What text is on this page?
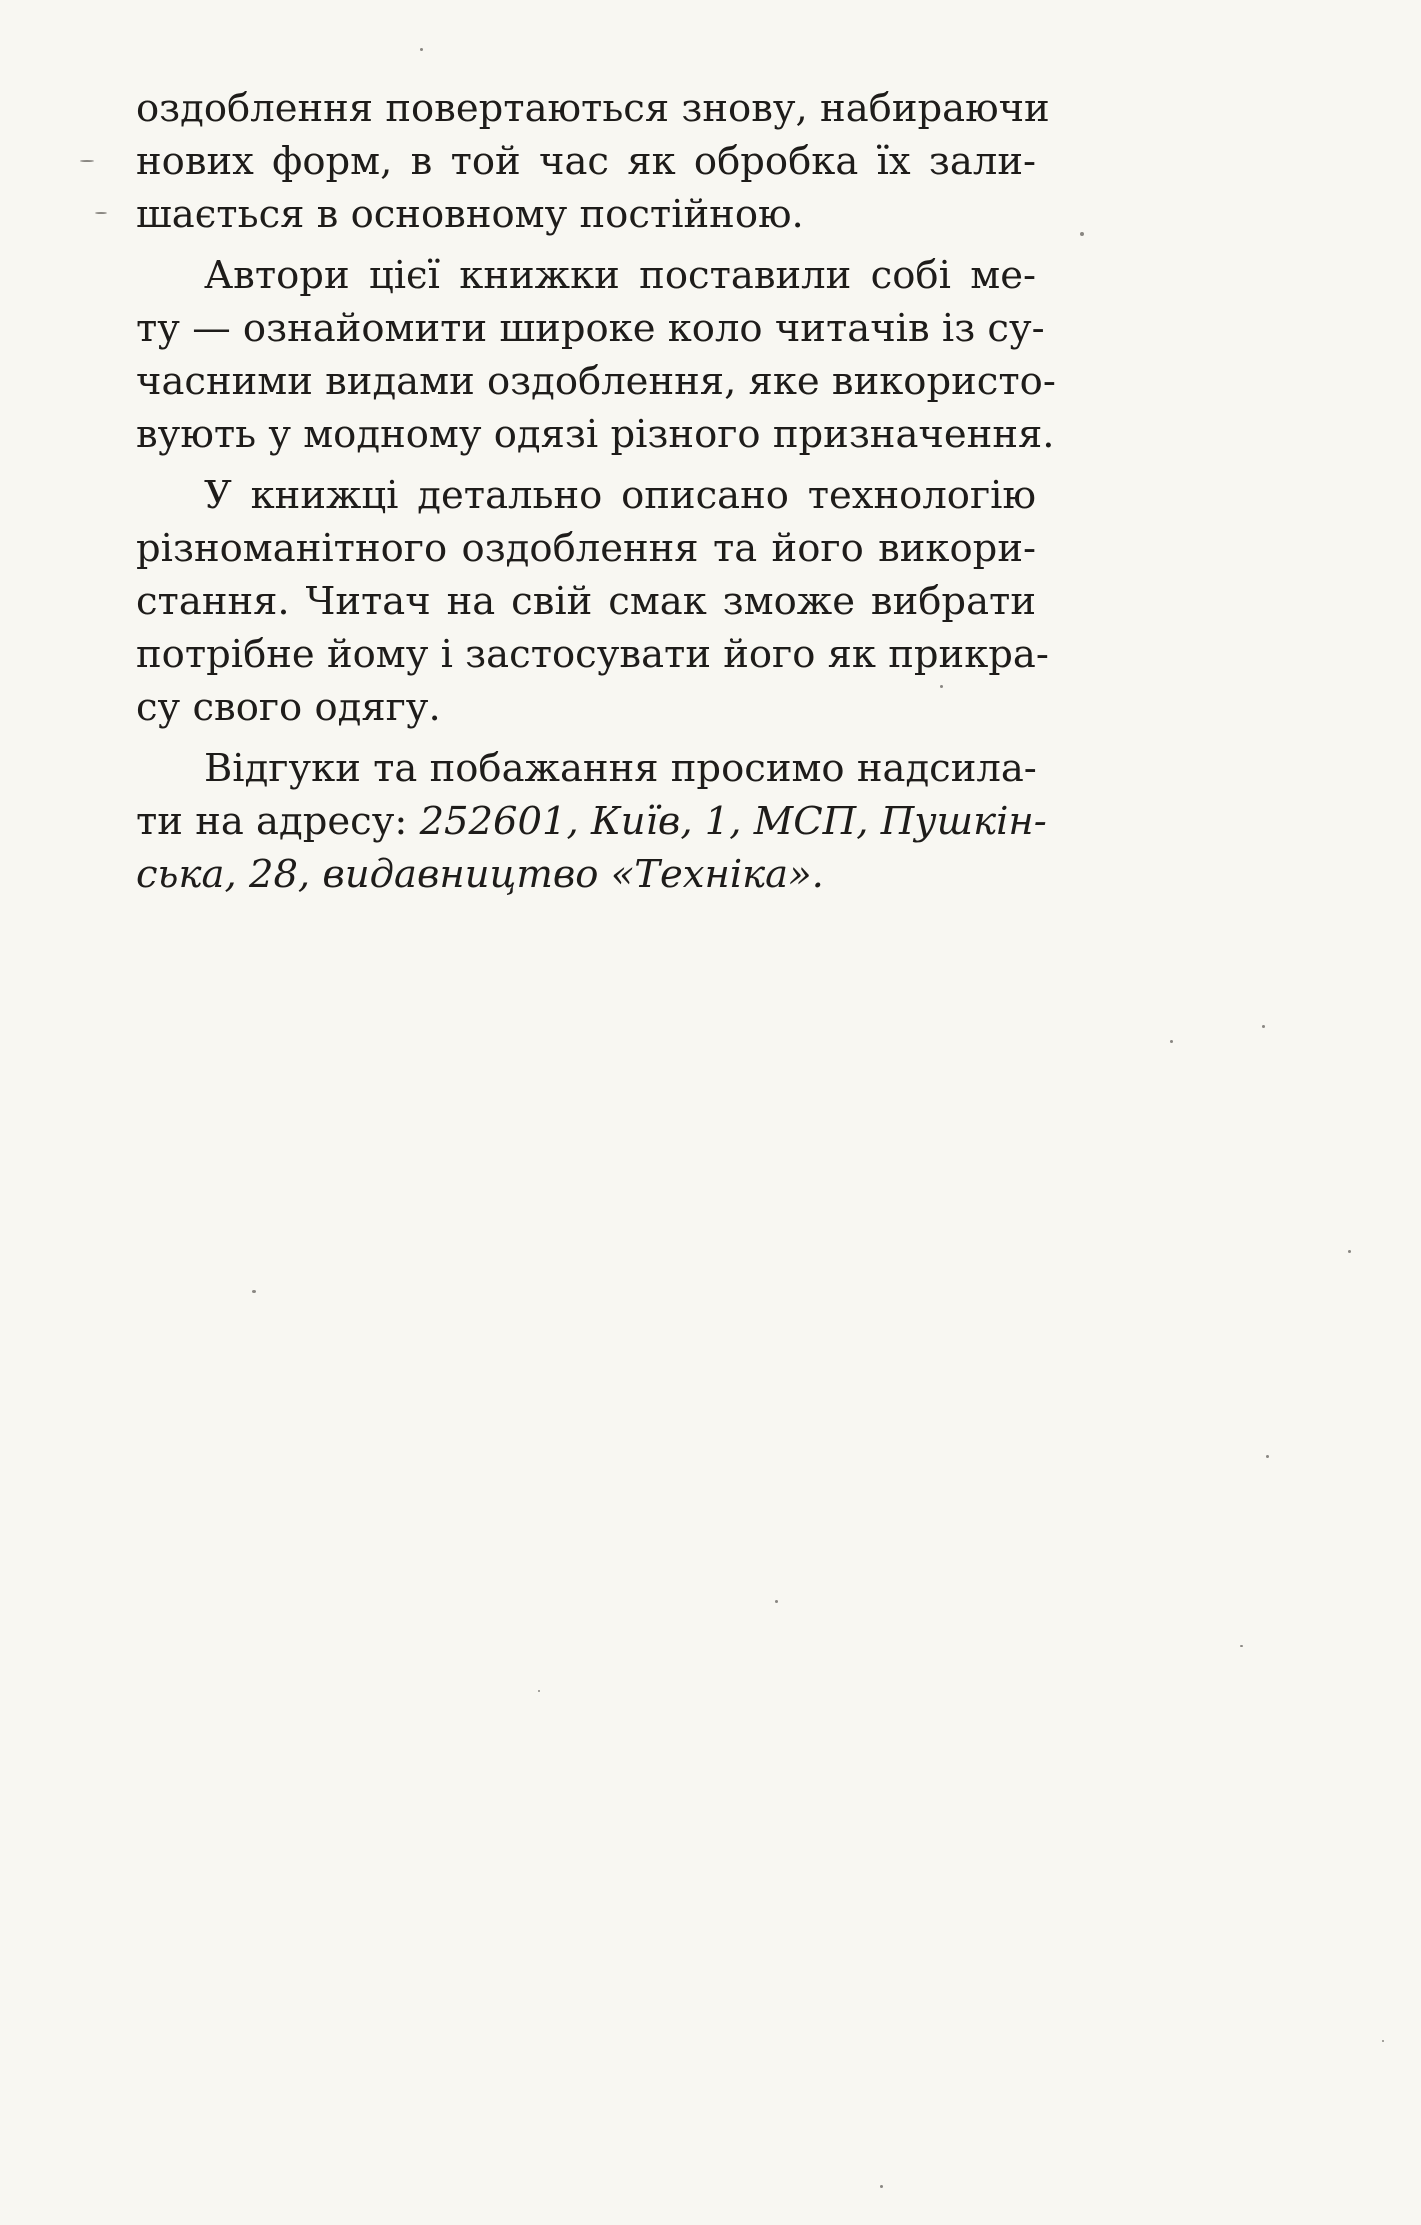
оздоблення повертаються знову, набираючи
нових форм, в той час як обробка їх зали-
шається в основному постійною.

Автори цієї книжки поставили собі ме-
ту — ознайомити широке коло читачів із су-
часними видами оздоблення, яке використо-
вують у модному одязі різного призначення.

У книжці детально описано технологію
різноманітного оздоблення та його викори-
стання. Читач на свій смак зможе вибрати
потрібне йому і застосувати його як прикра-
су свого одягу.

Відгуки та побажання просимо надсила-
ти на адресу: 252601, Київ, 1, МСП, Пушкін-
ська, 28, видавництво «Техніка».
